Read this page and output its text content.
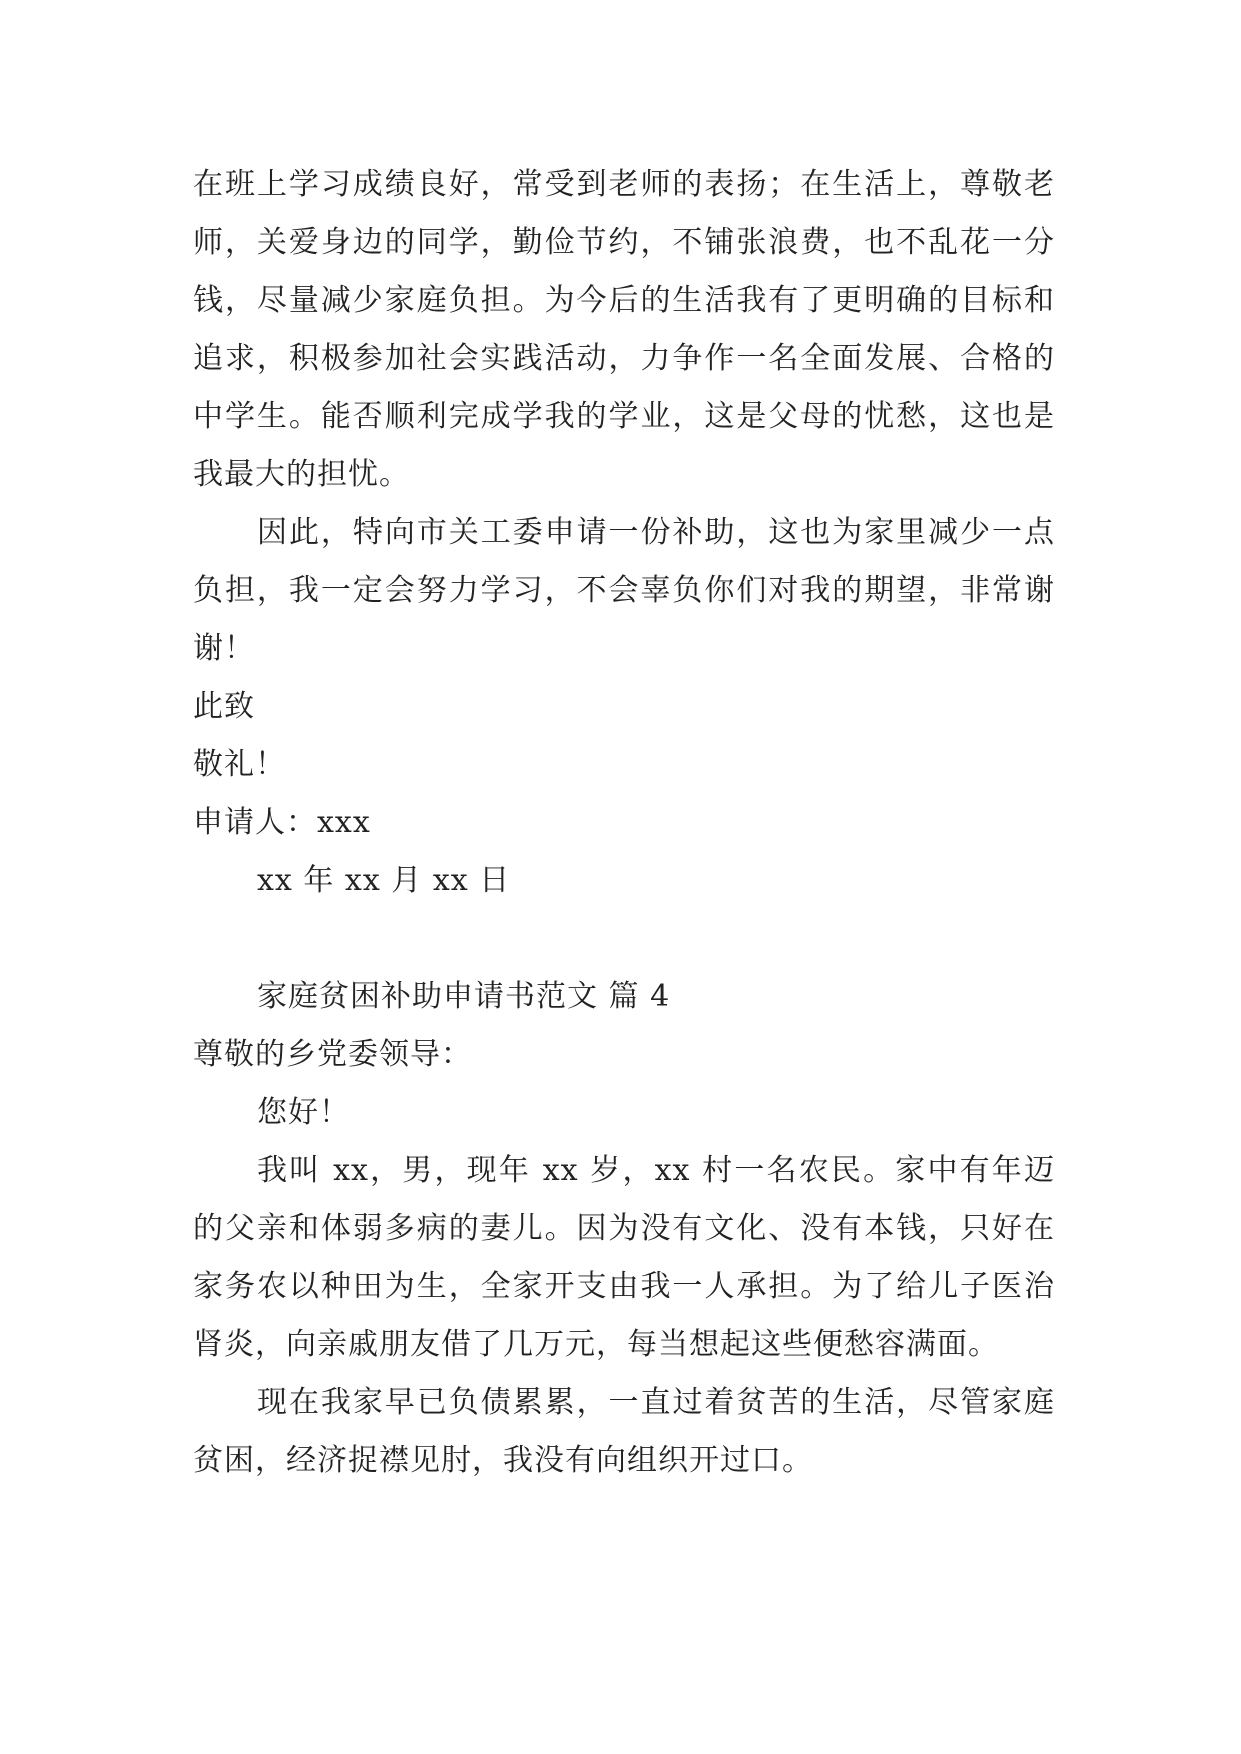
在班上学习成绩良好，常受到老师的表扬；在生活上，尊敬老师，关爱身边的同学，勤俭节约，不铺张浪费，也不乱花一分钱，尽量减少家庭负担。为今后的生活我有了更明确的目标和追求，积极参加社会实践活动，力争作一名全面发展、合格的中学生。能否顺利完成学我的学业，这是父母的忧愁，这也是我最大的担忧。

因此，特向市关工委申请一份补助，这也为家里减少一点负担，我一定会努力学习，不会辜负你们对我的期望，非常谢谢！

此致

敬礼！

申请人：xxx

xx 年 xx 月 xx 日

家庭贫困补助申请书范文 篇 4

尊敬的乡党委领导：

您好！

我叫 xx，男，现年 xx 岁，xx 村一名农民。家中有年迈的父亲和体弱多病的妻儿。因为没有文化、没有本钱，只好在家务农以种田为生，全家开支由我一人承担。为了给儿子医治肾炎，向亲戚朋友借了几万元，每当想起这些便愁容满面。

现在我家早已负债累累，一直过着贫苦的生活，尽管家庭贫困，经济捉襟见肘，我没有向组织开过口。
